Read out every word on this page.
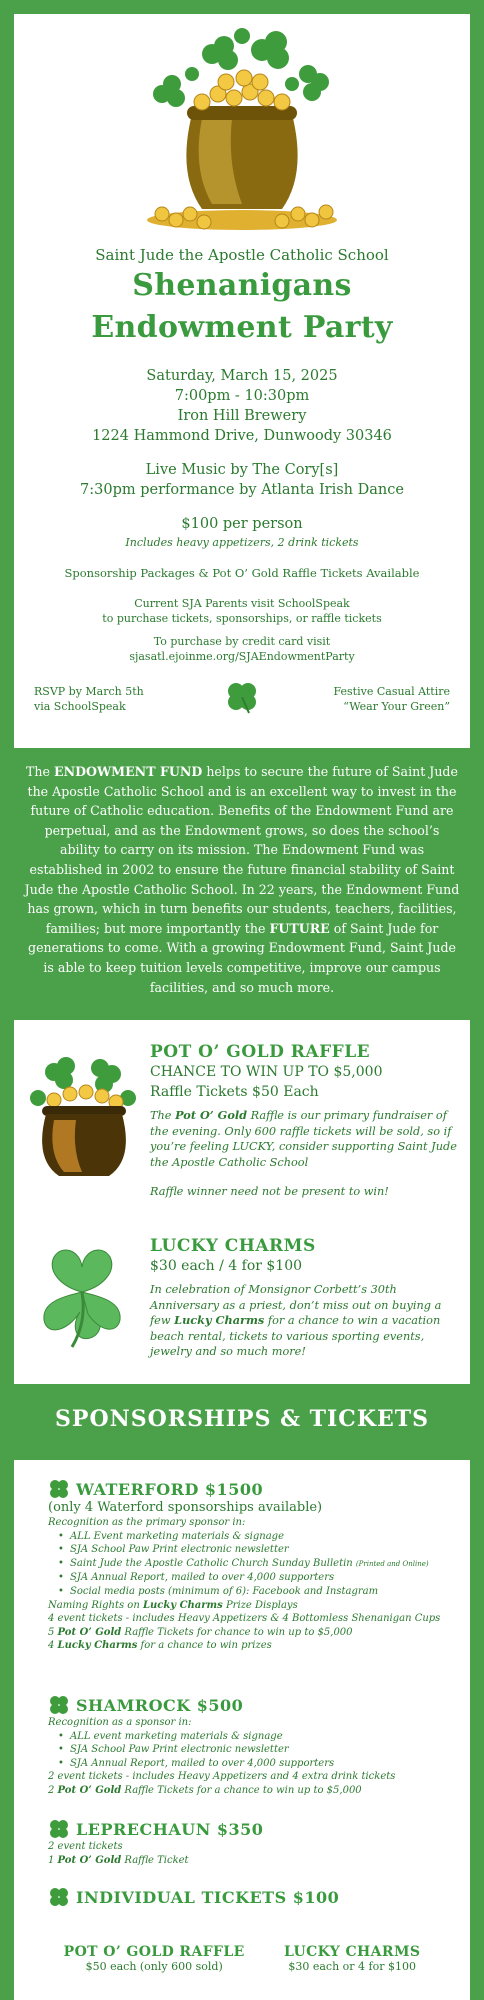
Saint Jude the Apostle Catholic School
Shenanigans
Endowment Party
Saturday, March 15, 2025
7:00pm - 10:30pm
Iron Hill Brewery
1224 Hammond Drive, Dunwoody 30346
Live Music by The Cory[s]
7:30pm performance by Atlanta Irish Dance
$100 per person
Includes heavy appetizers, 2 drink tickets
Sponsorship Packages & Pot O’ Gold Raffle Tickets Available
Current SJA Parents visit SchoolSpeak
to purchase tickets, sponsorships, or raffle tickets
To purchase by credit card visit
sjasatl.ejoinme.org/SJAEndowmentParty
RSVP by March 5th
via SchoolSpeak
Festive Casual Attire
“Wear Your Green”
The ENDOWMENT FUND helps to secure the future of Saint Jude the Apostle Catholic School and is an excellent way to invest in the future of Catholic education. Benefits of the Endowment Fund are perpetual, and as the Endowment grows, so does the school’s ability to carry on its mission. The Endowment Fund was established in 2002 to ensure the future financial stability of Saint Jude the Apostle Catholic School. In 22 years, the Endowment Fund has grown, which in turn benefits our students, teachers, facilities, families; but more importantly the FUTURE of Saint Jude for generations to come. With a growing Endowment Fund, Saint Jude is able to keep tuition levels competitive, improve our campus facilities, and so much more.
POT O’ GOLD RAFFLE
CHANCE TO WIN UP TO $5,000
Raffle Tickets $50 Each
The Pot O’ Gold Raffle is our primary fundraiser of the evening. Only 600 raffle tickets will be sold, so if you’re feeling LUCKY, consider supporting Saint Jude the Apostle Catholic School
Raffle winner need not be present to win!
LUCKY CHARMS
$30 each / 4 for $100
In celebration of Monsignor Corbett’s 30th Anniversary as a priest, don’t miss out on buying a few Lucky Charms for a chance to win a vacation beach rental, tickets to various sporting events, jewelry and so much more!
SPONSORSHIPS & TICKETS
WATERFORD $1500
(only 4 Waterford sponsorships available)
Recognition as the primary sponsor in:
• ALL Event marketing materials & signage
• SJA School Paw Print electronic newsletter
• Saint Jude the Apostle Catholic Church Sunday Bulletin (Printed and Online)
• SJA Annual Report, mailed to over 4,000 supporters
• Social media posts (minimum of 6): Facebook and Instagram
Naming Rights on Lucky Charms Prize Displays
4 event tickets - includes Heavy Appetizers & 4 Bottomless Shenanigan Cups
5 Pot O’ Gold Raffle Tickets for chance to win up to $5,000
4 Lucky Charms for a chance to win prizes
SHAMROCK $500
Recognition as a sponsor in:
• ALL event marketing materials & signage
• SJA School Paw Print electronic newsletter
• SJA Annual Report, mailed to over 4,000 supporters
2 event tickets - includes Heavy Appetizers and 4 extra drink tickets
2 Pot O’ Gold Raffle Tickets for a chance to win up to $5,000
LEPRECHAUN $350
2 event tickets
1 Pot O’ Gold Raffle Ticket
INDIVIDUAL TICKETS $100
POT O’ GOLD RAFFLE
$50 each (only 600 sold)
LUCKY CHARMS
$30 each or 4 for $100
